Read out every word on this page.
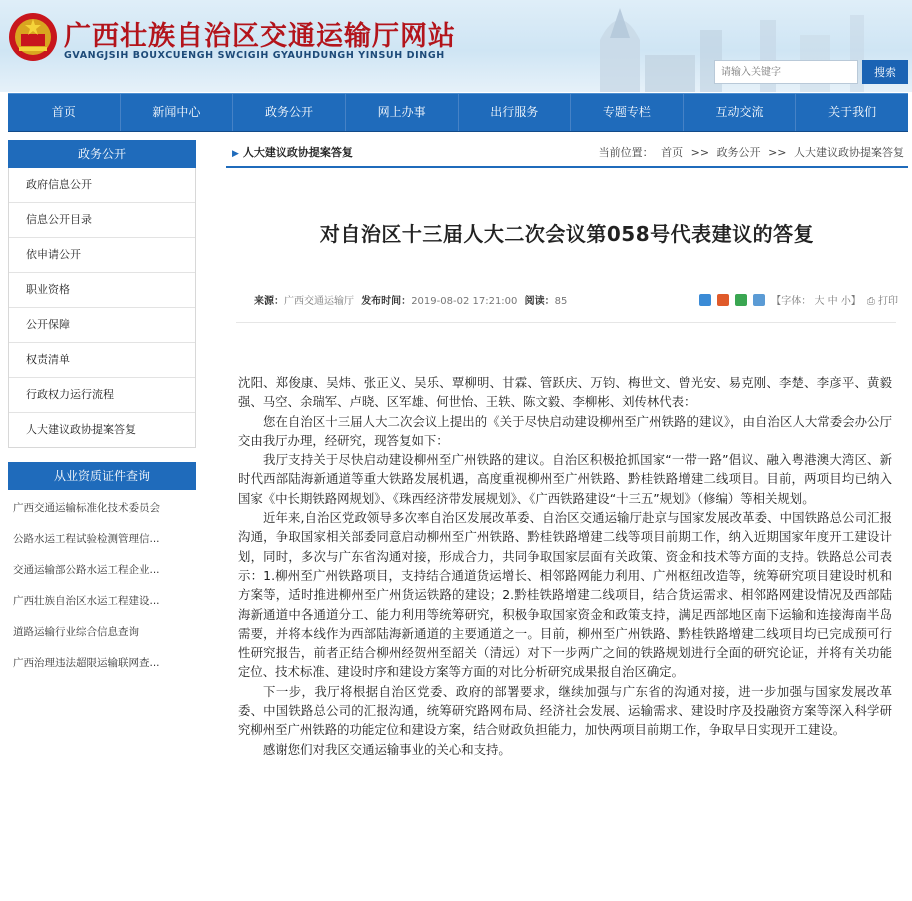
广西壮族自治区交通运输厅网站
GVANGJSIH BOUXCUENGH SWCIGIH GYAUHDUNGH YINSUH DINGH
请输入关键字
搜索
首页	新闻中心	政务公开	网上办事	出行服务	专题专栏	互动交流	关于我们
政务公开
政府信息公开
信息公开目录
依申请公开
职业资格
公开保障
权责清单
行政权力运行流程
人大建议政协提案答复
从业资质证件查询
广西交通运输标准化技术委员会
公路水运工程试验检测管理信...
交通运输部公路水运工程企业...
广西壮族自治区水运工程建设...
道路运输行业综合信息查询
广西治理违法超限运输联网查...
▶ 人大建议政协提案答复	当前位置： 首页 >> 政务公开 >> 人大建议政协提案答复
对自治区十三届人大二次会议第058号代表建议的答复
来源：广西交通运输厅 发布时间：2019-08-02 17:21:00 阅读：85	【字体： 大 中 小】 ⎙ 打印

沈阳、郑俊康、吴炜、张正义、吴乐、覃柳明、甘霖、管跃庆、万钧、梅世文、曾光安、易克刚、李楚、李彦平、黄毅强、马空、余瑞军、卢晓、区军雄、何世怡、王轶、陈文毅、李柳彬、刘传林代表：

您在自治区十三届人大二次会议上提出的《关于尽快启动建设柳州至广州铁路的建议》，由自治区人大常委会办公厅交由我厅办理，经研究，现答复如下：

我厅支持关于尽快启动建设柳州至广州铁路的建议。自治区积极抢抓国家“一带一路”倡议、融入粤港澳大湾区、新时代西部陆海新通道等重大铁路发展机遇，高度重视柳州至广州铁路、黔桂铁路增建二线项目。目前，两项目均已纳入国家《中长期铁路网规划》、《珠西经济带发展规划》、《广西铁路建设“十三五”规划》（修编）等相关规划。

近年来,自治区党政领导多次率自治区发展改革委、自治区交通运输厅赴京与国家发展改革委、中国铁路总公司汇报沟通，争取国家相关部委同意启动柳州至广州铁路、黔桂铁路增建二线等项目前期工作，纳入近期国家年度开工建设计划，同时，多次与广东省沟通对接，形成合力，共同争取国家层面有关政策、资金和技术等方面的支持。铁路总公司表示：1.柳州至广州铁路项目，支持结合通道货运增长、相邻路网能力利用、广州枢纽改造等，统筹研究项目建设时机和方案等，适时推进柳州至广州货运铁路的建设；2.黔桂铁路增建二线项目，结合货运需求、相邻路网建设情况及西部陆海新通道中各通道分工、能力利用等统筹研究，积极争取国家资金和政策支持，满足西部地区南下运输和连接海南半岛需要，并将本线作为西部陆海新通道的主要通道之一。目前，柳州至广州铁路、黔桂铁路增建二线项目均已完成预可行性研究报告，前者正结合柳州经贺州至韶关（清远）对下一步两广之间的铁路规划进行全面的研究论证，并将有关功能定位、技术标准、建设时序和建设方案等方面的对比分析研究成果报自治区确定。

下一步，我厅将根据自治区党委、政府的部署要求，继续加强与广东省的沟通对接，进一步加强与国家发展改革委、中国铁路总公司的汇报沟通，统筹研究路网布局、经济社会发展、运输需求、建设时序及投融资方案等深入科学研究柳州至广州铁路的功能定位和建设方案，结合财政负担能力，加快两项目前期工作，争取早日实现开工建设。

感谢您们对我区交通运输事业的关心和支持。
